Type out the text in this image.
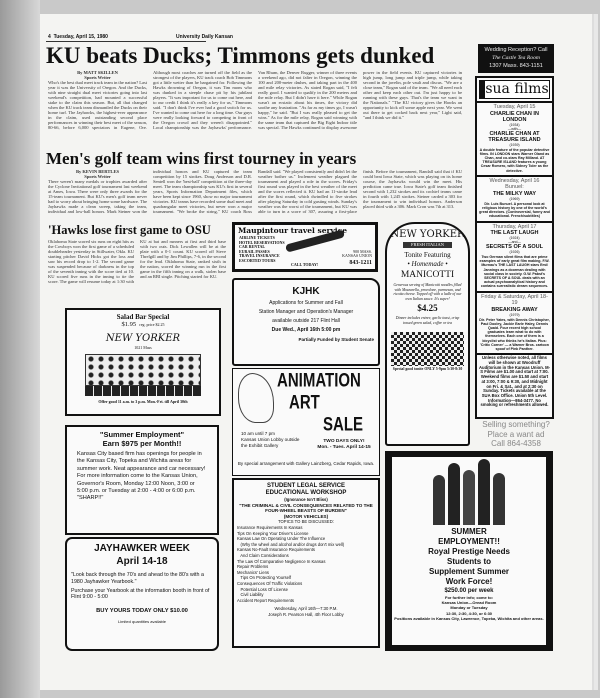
4 Tuesday, April 15, 1980	University Daily Kansan
KU beats Ducks; Timmons gets dunked
By MATT SKILLEN
Sports Writer

Who's the best dual meet track team in the nation? Last year it was the University of Oregon. And the Ducks, with nine straight dual meet victories going into last weekend's competition, had mounted a successful stake to the claim this season. But, all that changed when the KU track team dismantled the Ducks on their home turf. The Jayhawks, the highest-ever appearance in the claim, used outstanding second place performances in winning their best meet of the season, 80-66, before 6,000 spectators in Eugene, Ore. Although most coaches are turned off the field as the strongest of the players, KU track coach Bob Timmons got a little wetter than he bargained for. Following the Hawks drowning of Oregon, it was Tim mons who was dunked in a steeple chase pit by his jubilant players. "It was important for us to come out here, and to our credit I think it's really a key for us," Timmons said. "I don't think I've ever had a good switch for us. I've wanted to come out here for a long time. Our guys were really looking forward to competing in front of the Oregon crowd and they weren't disappointed." Local championship was the Jayhawks' performance. Van Rhum, the Denver Rugger, winner of three events a weekend ago, did not falter in Oregon, winning the 100 and 200-meter dashes, and taking part in the 400 and mile relay victories. As stated Rogan said, "I felt really good. I wanted to qualify in the 200 meters and the mile relay. But I didn't have it here." While Rogan wasn't an ecstatic about his times, the victory did soothe any frustration. "As far as my times go, I wasn't happy," he said. "But I was really pleased to get the wins." As for the mile relay, Rogan said winning with the same team that captured the Big Eight Indoor title was special. The Hawks continued to display awesome power in the field events. KU captured victories in high jump, long jump and triple jump, while taking second in the javelin, pole vault and discus. "We are a close team," Rogan said of the team. "We all need each other and keep each other out. I'm just happy to be running with these guys. That's the team we want in the Nationals." "The KU victory gives the Hawks an opportunity to kick off some apple next year. We went out there to get cocked back next year," Light said, "and I think we did it."

Men's golf team wins first tourney in years
By KEVIN BERTLES
Sports Writer

There weren't many medals or trophies awarded after the Cyclone Invitational golf tournament last weekend at Ames, Iowa. There were only three awards for the 15-team tournament. But KU's men's golf team never had to worry about bringing home some hardware. The Jayhawks made a clean sweep, taking the team, individual and low-ball honors. Mark Steiner won the individual honors and KU captured the team competition by 15 strokes. Doug Anderson and D.R. Sentell won the 'best-ball' competition at the three-day meet. The team championship was KU's first in several years, Sports Information Department files, which have been kept since 1960, show no major tournament victories. KU teams have recorded some dual meet and quadrangular meet victories, but never won a major tournament. "We broke the string," KU coach Ross Randall said. "We played consistently and didn't let the weather bother us." Inclement weather plagued the tournament and played a role in the scores. Friday's first round was played in the best weather of the meet and the scores reflected it. KU had an 11-stroke lead after the first round, which dwindled to five strokes after playing Saturday in cold gusting winds. Sunday's weather was the worst of the tournament, but KU was able to turn in a score of 307, assuring a first-place finish. Before the tournament, Randall said that if KU could beat Iowa State, which was playing on its home course, the Jayhawks would win the meet. His prediction came true. Iowa State's golf team finished second with 1,232 strokes and its cochief teams came in fourth with 1,245 strokes. Steiner carded a 303 for the tournament to win individual honors. Anderson placed third with a 306. Mark Cron was 7th at 313.

'Hawks lose first game to OSU

Oklahoma State scored six runs on eight hits as the Cowboys won the first game of a scheduled doubleheader yesterday in Stillwater, Okla. KU starting pitcher David Hicks got the loss and saw his record drop to 1-2. The second game was suspended because of darkness in the top of the seventh inning with the score tied at 10. KU scored five runs in the inning to tie the score. The game will resume today at 1:30 with KU at bat and runners at first and third base with two outs. Dick Lewallen will be at the plate with a 0-1 count. KU scored off Steve Threlgill and by Jim Phillips, 7-6, in the second for the lead. Oklahoma State, ranked sixth in the nation, scored the winning run in the first game in the fifth inning on a walk, stolen base and an RBI single. Pitching started for KU.

Wedding Reception? Call
The Castle Tea Room
1307 Mass. 843-1151
sua films
Tuesday, April 15
CHARLIE CHAN IN LONDON
(1934)
—with—
CHARLIE CHAN AT TREASURE ISLAND
(1939)
A double feature of the popular detective films. IN LONDON stars Warner Oland as Chan, and co-stars Ray Milland. AT TREASURE ISLAND features a young Cesar Romero, with Sidney Toler as the detective.
Wednesday, April 16
Bunuel:
THE MILKY WAY
(1969)
Dir. Luis Bunuel. A personal look at religious history by one of the world's great directors. (Controversial, funny and educational. French/subtitles)
Thursday, April 17
THE LAST LAUGH
(1924)
—and—
SECRETS OF A SOUL
(1926)
Two German silent films that are prime examples of early great film making. F.W. Murnau's THE LAST LAUGH stars Emil Jannings as a doorman dealing with social class in society. G.W. Pabst's SECRETS OF A SOUL deals with an actual psychoanalytical history and contains surrealistic dream sequences.
Friday & Saturday, April 18-19
BREAKING AWAY
(1979)
Dir. Peter Yates, with Dennis Christopher, Paul Dooley, Jackie Earle Haley, Dennis Quaid. Four recent high school graduates learn what to do with themselves. Each one of them is a bicyclist who thinks he's Italian. Plus: 'Critic Corner' — a Warner Bros. cartoon spoof of Pink Panther.
Unless otherwise noted, all films will be shown at Woodruff Auditorium in the Kansas Union. M-S Films are $1.00 and start at 7:00. Weekend films are $1.50 and start at 3:00, 7:00 & 9:30, and Midnight on Fri. & Sat., and at 2:30 on Sunday. Tickets available at the SUA Box Office. Union 5th Level. Information—864-3477. No smoking or refreshments allowed.
Selling something?
Place a want ad
Call 864-4358
SUMMER
EMPLOYMENT!!
Royal Prestige Needs
Students to
Supplement Summer
Work Force!
$250.00 per week
For further info; come to:
Kansas Union—Oread Room
Monday or Tuesday
12:30, 2:30, 4:30, or 6:30
Positions available in Kansas City, Lawrence, Topeka, Wichita and other areas.
Maupintour travel service
AIRLINE TICKETS
HOTEL RESERVATIONS
CAR RENTAL
EURAIL PASSES
TRAVEL INSURANCE
ESCORTED TOURS
CALL TODAY!
900 MASS. KANSAS UNION
843-1211
NEW YORKER
FRESH ITALIAN
Tonite Featuring
• Homemade •
MANICOTTI
Generous serving of Manicotti noodles filled with Mozzarella, provolone, parmesan, and ricotta cheese. Topped off with a ladle of our own Italian sauce. It's super!
$4.25
Dinner includes entree, garlic toast, crisp tossed green salad, coffee or tea
Special good tonite ONLY 5-9pm 5:30-8:30
Salad Bar Special
$1.95 reg. price $2.25
NEW YORKER
1021 Mass
Offer good 11 a.m. to 3 p.m. Mon.-Fri. till April 30th
"Summer Employment"
Earn $975 per Month!!
Kansas City based firm has openings for people in the Kansas City, Topeka and Wichita areas for summer work. Neat appearance and car necessary! For more information come to the Kansas Union, Governor's Room, Monday 12:00 Noon, 3:00 or 5:00 p.m. or Tuesday at 2:00 - 4:00 or 6:00 p.m. "SHARP!!"
JAYHAWKER WEEK
April 14-18
"Look back through the 70's and ahead to the 80's with a 1980 Jayhawker Yearbook."
Purchase your Yearbook at the information booth in front of Flint 9:00 - 5:00
BUY YOURS TODAY ONLY $10.00
Limited quantities available
KJHK
Applications for Summer and Fall
Station Manager and Operation's Manager
available outside 217 Flint Hall
Due Wed., April 16th 5:00 pm
Partially Funded by Student Senate
ANIMATION
ART
SALE
10 am until 7 pm
Kansas Union Lobby outside the Exhibit Gallery
TWO DAYS ONLY!
Mon. - Tues. April 14-15
By special arrangement with Gallery Lainzberg, Cedar Rapids, Iowa.
STUDENT LEGAL SERVICE
EDUCATIONAL WORKSHOP
(Ignorance Isn't Bliss)
"THE CRIMINAL & CIVIL CONSEQUENCES RELATED TO THE FOUR-WHEEL BEASTS OF BURDEN"
(MOTOR VEHICLES)
TOPICS TO BE DISCUSSED:
Insurance Requirements In Kansas
Tips On Keeping Your Driver's License
Kansas Law On Operating Under The Influence
(Why the wheel and alcohol and/or drugs don't mix well)
Kansas No-Fault Insurance Requirements
And Claim Considerations
The Law Of Comparative Negligence In Kansas
Repair Problems
Mechanics' Liens
Tips On Protecting Yourself
Consequences Of Traffic Violations
Potential Loss Of License
Civil Liability
Accident Report Requirements
Wednesday, April 16th—7:30 P.M.
Joseph R. Pearson Hall, 4th Floor Lobby
